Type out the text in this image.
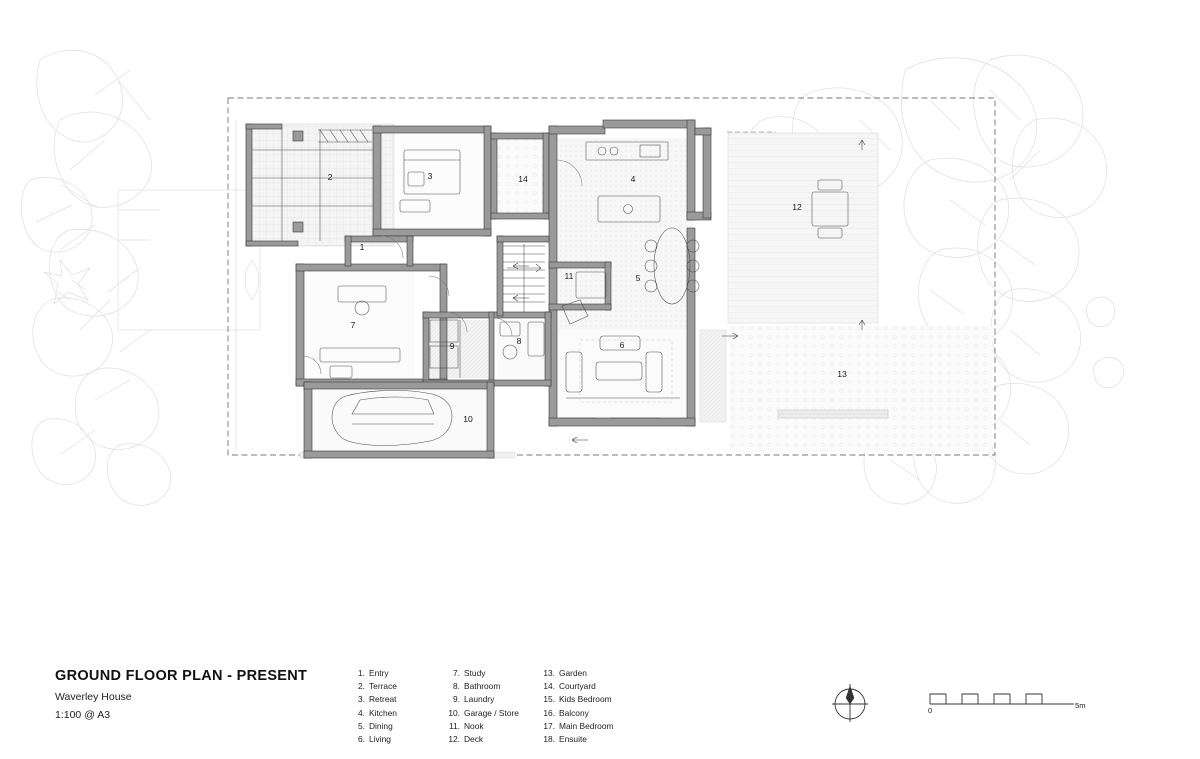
1
2	3	4
5
6
7
8
9
10
11
12
13
14
GROUND FLOOR PLAN - PRESENT
Waverley House
1:100 @ A3
1. Entry
2. Terrace
3. Retreat
4. Kitchen
5. Dining
6. Living
7. Study
8. Bathroom
9. Laundry
10. Garage / Store
11. Nook
12. Deck
13. Garden
14. Courtyard
15. Kids Bedroom
16. Balcony
17. Main Bedroom
18. Ensuite
0
5m
